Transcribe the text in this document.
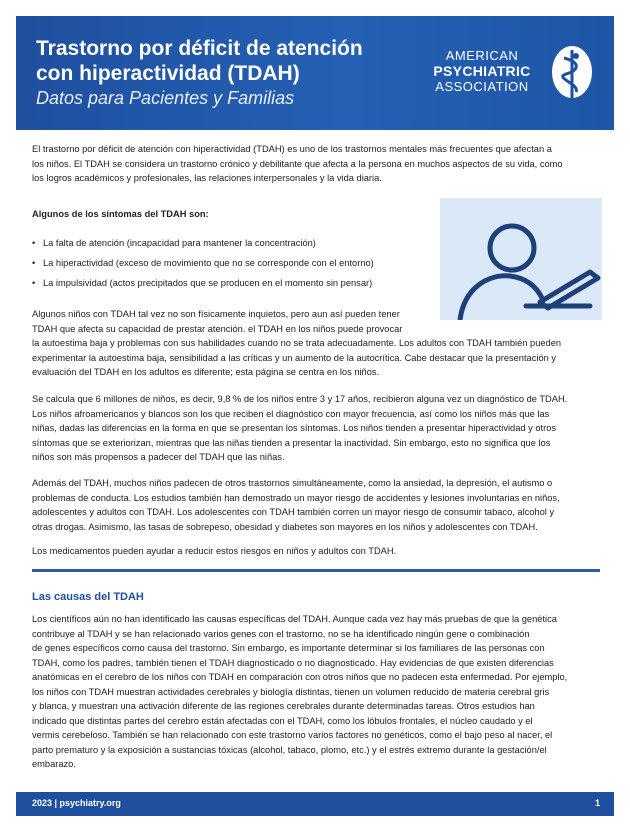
Trastorno por déficit de atención
con hiperactividad (TDAH)
Datos para Pacientes y Familias
AMERICAN
PSYCHIATRIC
ASSOCIATION
El trastorno por déficit de atención con hiperactividad (TDAH) es uno de los trastornos mentales más frecuentes que afectan a
los niños. El TDAH se considera un trastorno crónico y debilitante que afecta a la persona en muchos aspectos de su vida, como
los logros académicos y profesionales, las relaciones interpersonales y la vida diaria.
Algunos de los síntomas del TDAH son:
• La falta de atención (incapacidad para mantener la concentración)
• La hiperactividad (exceso de movimiento que no se corresponde con el entorno)
• La impulsividad (actos precipitados que se producen en el momento sin pensar)
Algunos niños con TDAH tal vez no son físicamente inquietos, pero aun así pueden tener
TDAH que afecta su capacidad de prestar atención. el TDAH en los niños puede provocar
la autoestima baja y problemas con sus habilidades cuando no se trata adecuadamente. Los adultos con TDAH también pueden
experimentar la autoestima baja, sensibilidad a las críticas y un aumento de la autocrítica. Cabe destacar que la presentación y
evaluación del TDAH en los adultos es diferente; esta página se centra en los niños.
Se calcula que 6 millones de niños, es decir, 9,8 % de los niños entre 3 y 17 años, recibieron alguna vez un diagnóstico de TDAH.
Los niños afroamericanos y blancos son los que reciben el diagnóstico con mayor frecuencia, así como los niños más que las
niñas, dadas las diferencias en la forma en que se presentan los síntomas. Los niños tienden a presentar hiperactividad y otros
síntomas que se exteriorizan, mientras que las niñas tienden a presentar la inactividad. Sin embargo, esto no significa que los
niños son más propensos a padecer del TDAH que las niñas.
Además del TDAH, muchos niños padecen de otros trastornos simultáneamente, como la ansiedad, la depresión, el autismo o
problemas de conducta. Los estudios también han demostrado un mayor riesgo de accidentes y lesiones involuntarias en niños,
adolescentes y adultos con TDAH. Los adolescentes con TDAH también corren un mayor riesgo de consumir tabaco, alcohol y
otras drogas. Asimismo, las tasas de sobrepeso, obesidad y diabetes son mayores en los niños y adolescentes con TDAH.
Los medicamentos pueden ayudar a reducir estos riesgos en niños y adultos con TDAH.
Las causas del TDAH
Los científicos aún no han identificado las causas específicas del TDAH. Aunque cada vez hay más pruebas de que la genética
contribuye al TDAH y se han relacionado varios genes con el trastorno, no se ha identificado ningún gene o combinación
de genes específicos como causa del trastorno. Sin embargo, es importante determinar si los familiares de las personas con
TDAH, como los padres, también tienen el TDAH diagnosticado o no diagnosticado. Hay evidencias de que existen diferencias
anatómicas en el cerebro de los niños con TDAH en comparación con otros niños que no padecen esta enfermedad. Por ejemplo,
los niños con TDAH muestran actividades cerebrales y biología distintas, tienen un volumen reducido de materia cerebral gris
y blanca, y muestran una activación diferente de las regiones cerebrales durante determinadas tareas. Otros estudios han
indicado que distintas partes del cerebro están afectadas con el TDAH, como los lóbulos frontales, el núcleo caudado y el
vermis cerebeloso. También se han relacionado con este trastorno varios factores no genéticos, como el bajo peso al nacer, el
parto prematuro y la exposición a sustancias tóxicas (alcohol, tabaco, plomo, etc.) y el estrés extremo durante la gestación/el
embarazo.
2023 | psychiatry.org	1
